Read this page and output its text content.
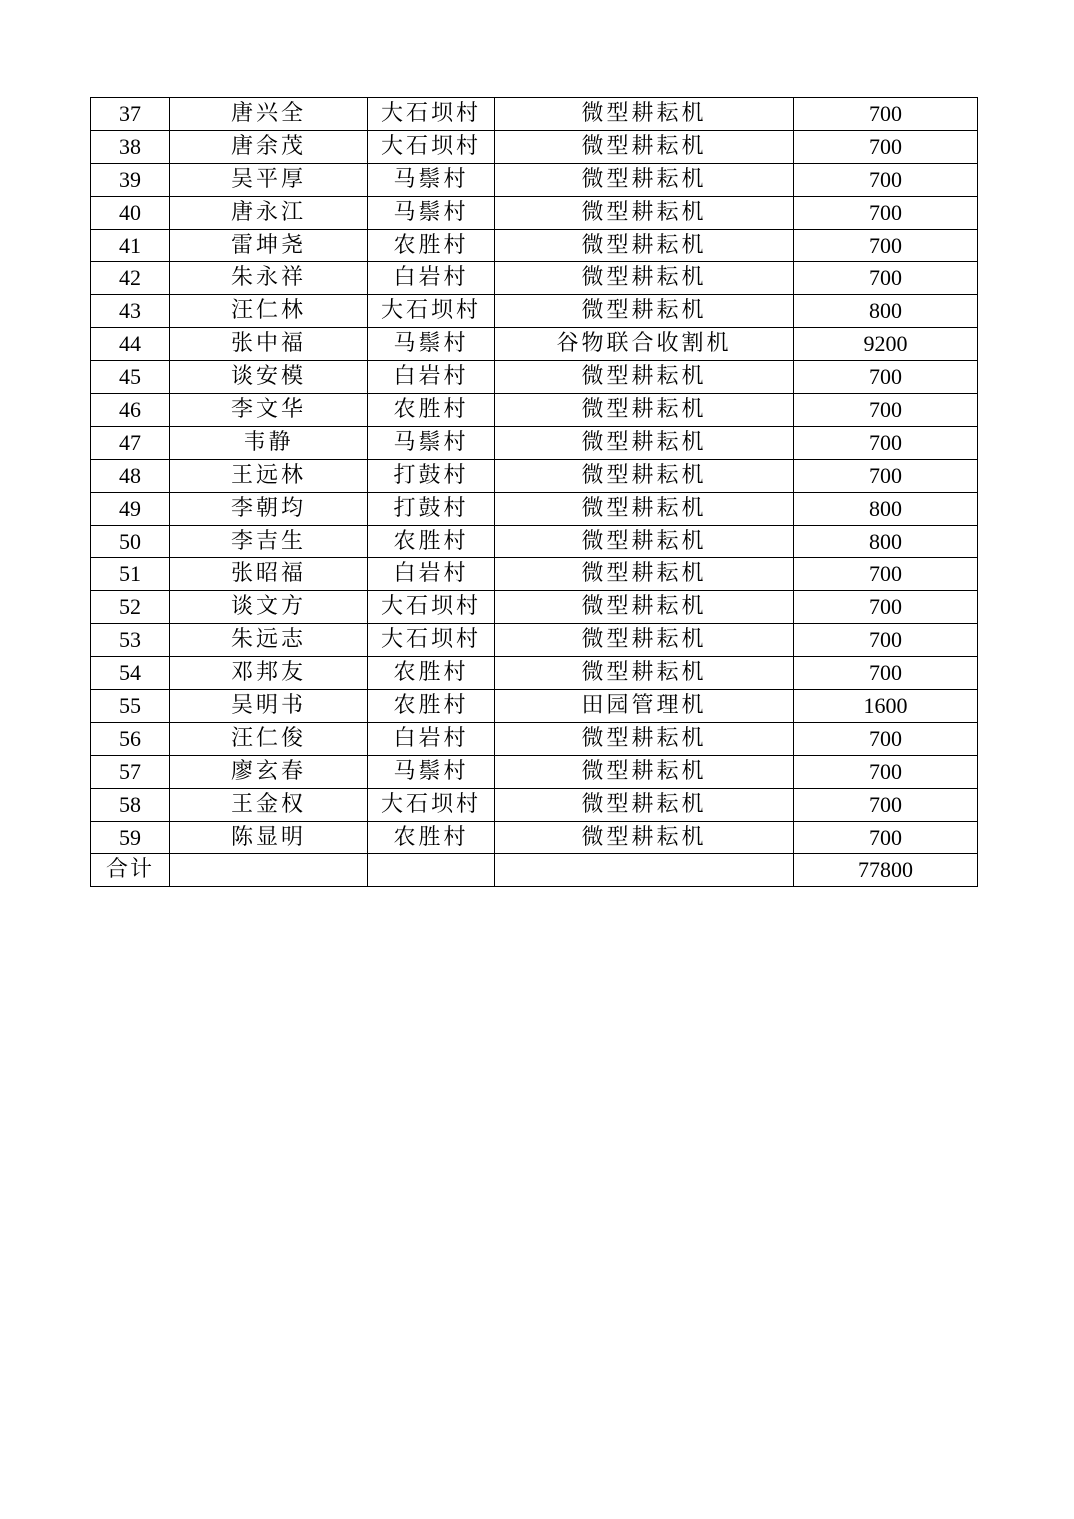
37	唐兴全	大石坝村	微型耕耘机	700
38	唐余茂	大石坝村	微型耕耘机	700
39	吴平厚	马鬃村	微型耕耘机	700
40	唐永江	马鬃村	微型耕耘机	700
41	雷坤尧	农胜村	微型耕耘机	700
42	朱永祥	白岩村	微型耕耘机	700
43	汪仁林	大石坝村	微型耕耘机	800
44	张中福	马鬃村	谷物联合收割机	9200
45	谈安模	白岩村	微型耕耘机	700
46	李文华	农胜村	微型耕耘机	700
47	韦静	马鬃村	微型耕耘机	700
48	王远林	打鼓村	微型耕耘机	700
49	李朝均	打鼓村	微型耕耘机	800
50	李吉生	农胜村	微型耕耘机	800
51	张昭福	白岩村	微型耕耘机	700
52	谈文方	大石坝村	微型耕耘机	700
53	朱远志	大石坝村	微型耕耘机	700
54	邓邦友	农胜村	微型耕耘机	700
55	吴明书	农胜村	田园管理机	1600
56	汪仁俊	白岩村	微型耕耘机	700
57	廖玄春	马鬃村	微型耕耘机	700
58	王金权	大石坝村	微型耕耘机	700
59	陈显明	农胜村	微型耕耘机	700
合计				77800
